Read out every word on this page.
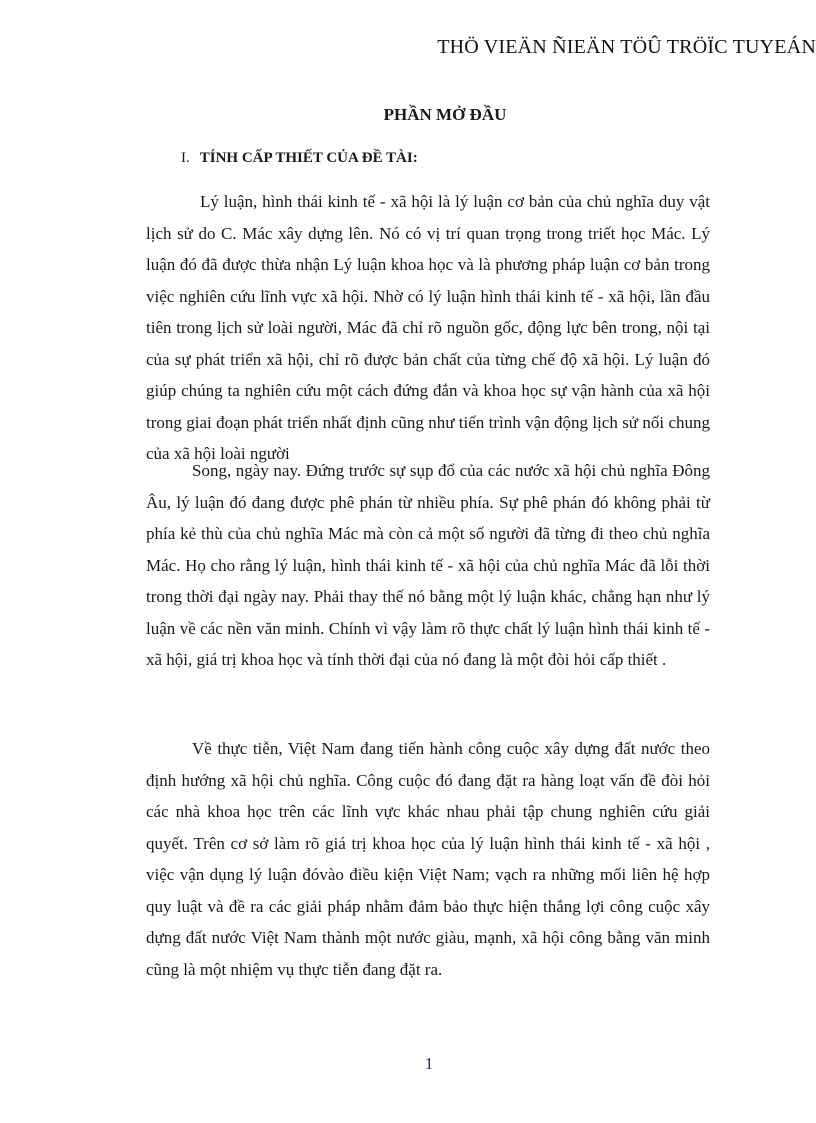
THÖ VIEÄN ÑIEÄN TÖÛ TRÖÏC TUYEÁN
PHẦN MỞ ĐẦU
I. TÍNH CẤP THIẾT CỦA ĐỀ TÀI:

Lý luận, hình thái kinh tế - xã hội là lý luận cơ bản của chủ nghĩa duy vật lịch sử do C. Mác xây dựng lên. Nó có vị trí quan trọng trong triết học Mác. Lý luận đó đã được thừa nhận Lý luận khoa học và là phương pháp luận cơ bản trong việc nghiên cứu lĩnh vực xã hội. Nhờ có lý luận hình thái kinh tế - xã hội, lần đầu tiên trong lịch sử loài người, Mác đã chỉ rõ nguồn gốc, động lực bên trong, nội tại của sự phát triển xã hội, chỉ rõ được bản chất của từng chế độ xã hội. Lý luận đó giúp chúng ta nghiên cứu một cách đứng đắn và khoa học sự vận hành của xã hội trong giai đoạn phát triển nhất định cũng như tiến trình vận động lịch sử nối chung của xã hội loài người

Song, ngày nay. Đứng trước sự sụp đổ của các nước xã hội chủ nghĩa Đông Âu, lý luận đó đang được phê phán từ nhiều phía. Sự phê phán đó không phải từ phía kẻ thù của chủ nghĩa Mác mà còn cả một số người đã từng đi theo chủ nghĩa Mác. Họ cho rằng lý luận, hình thái kinh tế - xã hội của chủ nghĩa Mác đã lỗi thời trong thời đại ngày nay. Phải thay thế nó bằng một lý luận khác, chẳng hạn như lý luận về các nền văn minh. Chính vì vậy làm rõ thực chất lý luận hình thái kinh tế - xã hội, giá trị khoa học và tính thời đại của nó đang là một đòi hỏi cấp thiết .

Về thực tiễn, Việt Nam đang tiến hành công cuộc xây dựng đất nước theo định hướng xã hội chủ nghĩa. Công cuộc đó đang đặt ra hàng loạt vấn đề đòi hỏi các nhà khoa học trên các lĩnh vực khác nhau phải tập chung nghiên cứu giải quyết. Trên cơ sở làm rõ giá trị khoa học của lý luận hình thái kinh tế - xã hội , việc vận dụng lý luận đóvào điều kiện Việt Nam; vạch ra những mối liên hệ hợp quy luật và đề ra các giải pháp nhằm đảm bảo thực hiện thắng lợi công cuộc xây dựng đất nước Việt Nam thành một nước giàu, mạnh, xã hội công bằng văn minh cũng là một nhiệm vụ thực tiễn đang đặt ra.

1
